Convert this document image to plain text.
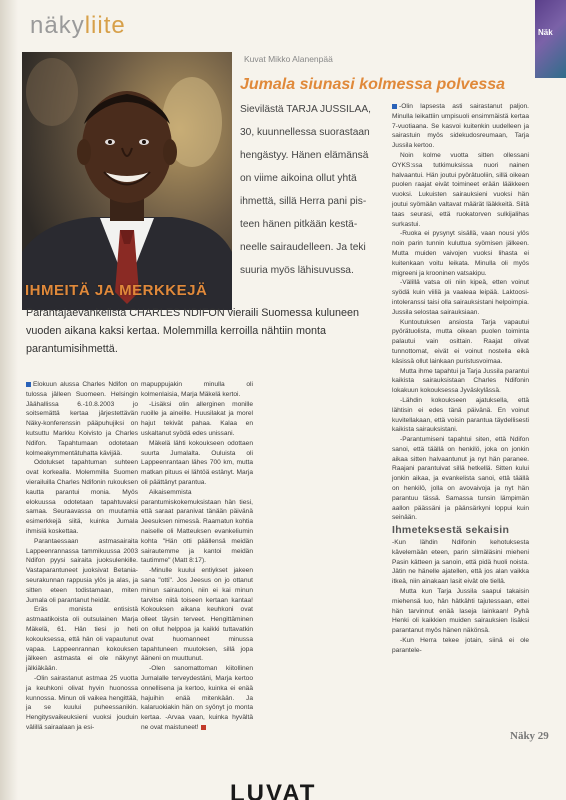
näkyliite	Näk
Kuvat Mikko Alanenpää
Jumala siunasi kolmessa polvessa

Sievilästä TARJA JUSSILAA,

30, kuunnellessa suorastaan

hengästyy. Hänen elämänsä

on viime aikoina ollut yhtä

ihmettä, sillä Herra pani pis-

teen hänen pitkään kestä-

neelle sairaudelleen. Ja teki

suuria myös lähisuvussa.

IHMEITÄ JA MERKKEJÄ
Parantajaevankelista CHARLES NDIFON vieraili Suomessa kuluneen vuoden aikana kaksi kertaa. Molemmilla kerroilla nähtiin monta parantumisihmettä.

Elokuun alussa Charles Ndifon on tulossa jälleen Suomeen. Helsingin Jäähallissa 6.-10.8.2003 jo soitsemättä kertaa järjestettävän Näky-konferenssin pääpuhujiksi on kutsuttu Markku Koivisto ja Charles Ndifon. Tapahtumaan odotetaan kolmeakymmentätuhatta kävijää.

Odotukset tapahtuman suhteen ovat korkealla. Molemmilla Suomen vierailuilla Charles Ndifonin rukouksen kautta parantui monia. Myös elokuussa odotetaan tapahtuvaksi samaa. Seuraavassa on muutamia esimerkkejä siitä, kuinka Jumala ihmisiä koskettaa.

Parantaessaan astmasairaita Lappeenrannassa tammikuussa 2003 Ndifon pyysi sairaita juoksulenkille. Vastaparantuneet juoksivat Betania-seurakunnan rappusia ylös ja alas, ja sitten eteen todistamaan, miten Jumala oli parantanut heidät.

Eräs monista entisistä astmaatikoista oli outsulainen Marja Mäkelä, 61. Hän tiesi jo heti kokouksessa, että hän oli vapautunut vapaa. Lappeenrannan kokouksen jälkeen astmasta ei ole näkynyt jälkiäkään.

-Olin sairastanut astmaa 25 vuotta ja keuhkoni olivat hyvin huonossa kunnossa. Minun oli vaikea hengittää, ja se kuului puheessanikin. Hengitysvaikeuksieni vuoksi jouduin välillä sairaalaan ja esi-

mapuppujakin minulla oli kolmenlaisia, Marja Mäkelä kertoi.

-Lisäksi olin allerginen monille ruoille ja aineille. Huusilakat ja morel hajut tekivät pahaa. Kalaa en uskaltanut syödä edes unissani.

Mäkelä lähti kokoukseen odottaen suurta Jumalalta. Ouluista oli Lappeenrantaan lähes 700 km, mutta matkan pituus ei lähtöä estänyt. Marja oli päättänyt parantua.

Aikaisemmista parantumiskokemuksistaan hän tiesi, että saraat paranivat tänään päivänä Jeesuksen nimessä. Raamatun kohtia naiselle oli Matteuksen evankeliumin kohta "Hän otti päällensä meidän sairautemme ja kantoi meidän tautimme" (Matt 8:17).

-Minulle kuului entiykset jakeen sana "otti". Jos Jeesus on jo ottanut minun sairautoni, niin ei kai minun tarvitse niitä toiseen kertaan kantaa! Kokouksen aikana keuhkoni ovat olleet täysin terveet. Hengittäminen on ollut helppoa ja kaikki tuttavatkin ovat huomanneet minussa tapahtuneen muutoksen, sillä jopa ääneni on muuttunut.

-Olen sanomattoman kiitollinen Jumalalle terveydestäni, Marja kertoo onnellisena ja kertoo, kuinka ei enää hajuihin enää mitenkään. Ja kalaruokiakin hän on syönyt jo monta kertaa. -Arvaa vaan, kuinka hyvältä ne ovat maistuneet!

-Olin lapsesta asti sairastanut paljon. Minulla leikattiin umpisuoli ensimmäistä kertaa 7-vuotiaana. Se kasvoi kuitenkin uudelleen ja sairastuin myös sidekudosreumaan, Tarja Jussila kertoo.

Noin kolme vuotta sitten ollessani OYKS:ssa tutkimuksissa nuori nainen halvaantui. Hän joutui pyörätuoliin, sillä oikean puolen raajat eivät toimineet erään lääkkeen vuoksi. Lukuisten sairauksieni vuoksi hän joutui syömään valtavat määrät lääkkeitä. Siitä taas seurasi, että ruokatorven sulkijalihas surkastui.

-Ruoka ei pysynyt sisällä, vaan nousi ylös noin parin tunnin kuluttua syömisen jälkeen. Mutta muiden vaivojen vuoksi lihasta ei kuitenkaan voitu leikata. Minulla oli myös migreeni ja krooninen vatsakipu.

-Välillä vatsa oli niin kipeä, etten voinut syödä kuin viiliä ja vaaleaa leipää. Laktoosi-intoleranssi taisi olla sairauksistani helpoimpia. Jussila selostaa sairauksiaan.

Kuntoutuksen ansiosta Tarja vapautui pyörätuolista, mutta oikean puolen toiminta palautui vain osittain. Raajat olivat tunnottomat, eivät ei voinut nostella eikä käsissä ollut lainkaan puristusvoimaa.

Mutta ihme tapahtui ja Tarja Jussila parantui kaikista sairauksistaan Charles Ndifonin lokakuun kokouksessa Jyväskylässä.

-Lähdin kokoukseen ajatuksella, että lähtisin ei edes tänä päivänä. En voinut kuvitellakaan, että voisin parantua täydellisesti kaikista sairauksistani.

-Parantumiseni tapahtui siten, että Ndifon sanoi, että täällä on henkilö, joka on jonkin aikaa sitten halvaantunut ja nyt hän paranee. Raajani parantuivat sillä hetkellä. Sitten kului jonkin aikaa, ja evankelista sanoi, että täällä on henkilö, jolla on avovaivoja ja nyt hän parantuu tässä. Samassa tunsin lämpimän aallon päässäni ja päänsärkyni loppui kuin seinään.

Ihmeteksestä sekaisin

-Kun lähdin Ndifonin kehotuksesta kävelemään eteen, parin silmäläsini mieheni Pasin kätteen ja sanoin, että pidä huoli noista. Jätin ne hänelle ajatellen, että jos alan vaikka itkeä, niin ainakaan lasit eivät ole tiellä.

Mutta kun Tarja Jussila saapui takaisin miehensä luo, hän hätkähti tajutessaan, ettei hän tarvinnut enää laseja lainkaan! Pyhä Henki oli kaikkien muiden sairauksien lisäksi parantanut myös hänen näkönsä.

-Kun Herra tekee jotain, siinä ei ole parantele-

Näky 29
LUVAT
